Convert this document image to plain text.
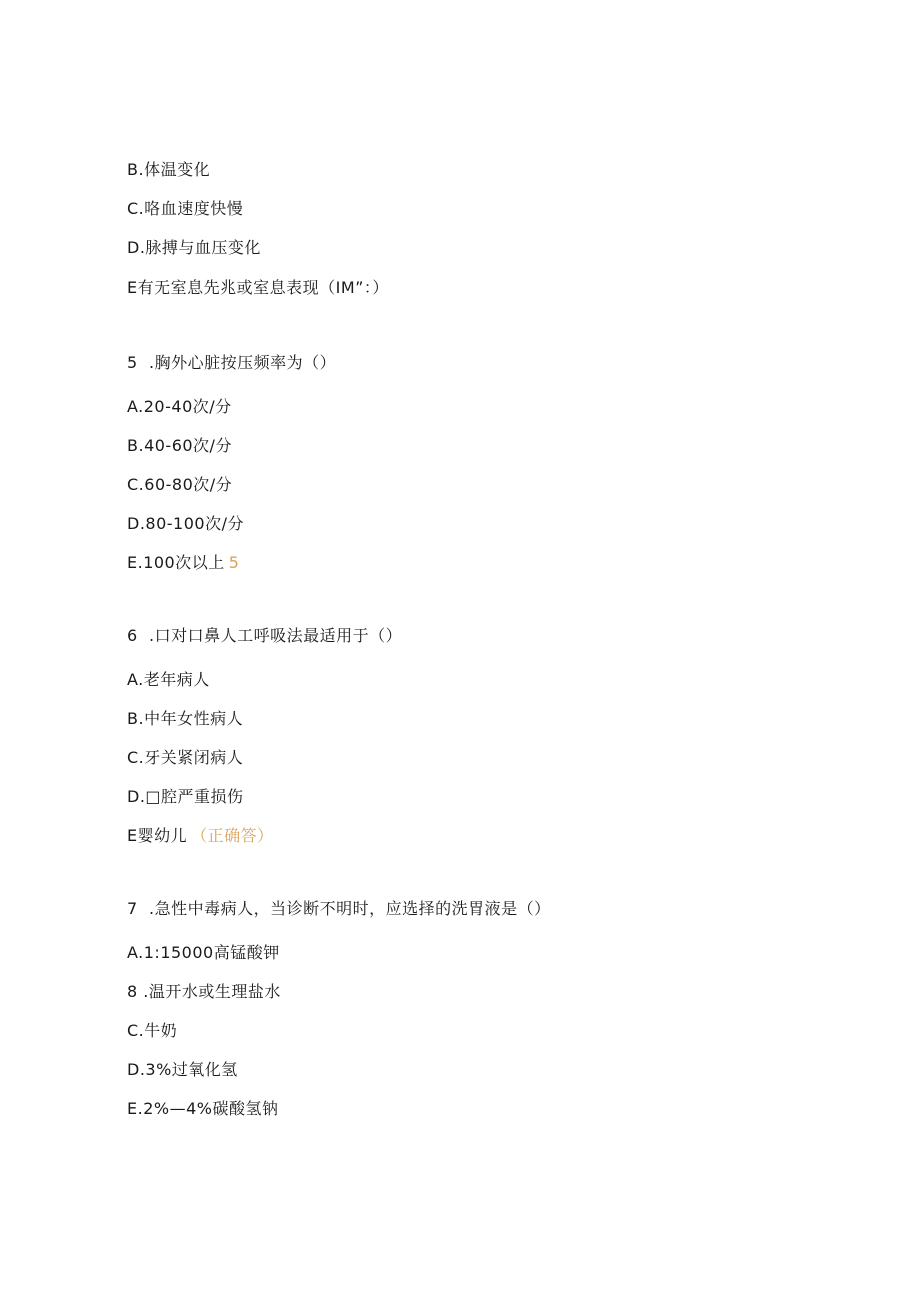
B.体温变化
C.咯血速度快慢
D.脉搏与血压变化
E有无室息先兆或室息表现（IM”：）
5 .胸外心脏按压频率为（）
A.20-40次/分
B.40-60次/分
C.60-80次/分
D.80-100次/分
E.100次以上 5
6 .口对口鼻人工呼吸法最适用于（）
A.老年病人
B.中年女性病人
C.牙关紧闭病人
D.□腔严重损伤
E婴幼儿 （正确答）
7 .急性中毒病人，当诊断不明时，应选择的洗胃液是（）
A.1:15000高锰酸钾
8 .温开水或生理盐水
C.牛奶
D.3%过氧化氢
E.2%—4%碳酸氢钠
